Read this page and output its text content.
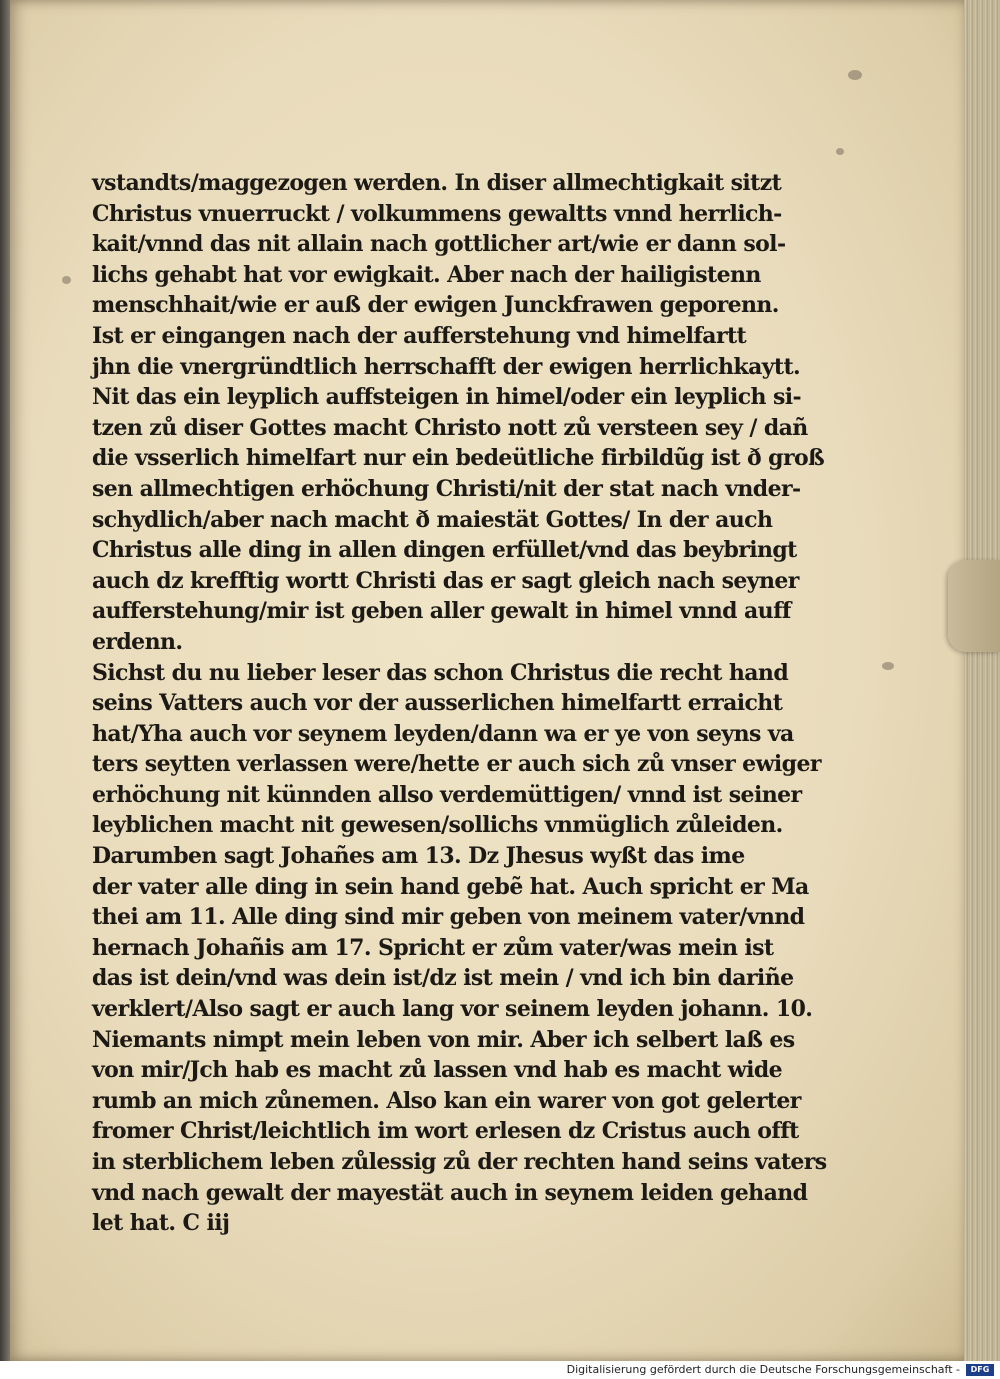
vstandts/maggezogen werden. In diser allmechtigkait sitzt
Christus vnuerruckt / volkummens gewaltts vnnd herrlich-
kait/vnnd das nit allain nach gottlicher art/wie er dann sol-
lichs gehabt hat vor ewigkait. Aber nach der hailigistenn
menschhait/wie er auß der ewigen Junckfrawen geporenn.
Ist er eingangen nach der aufferstehung vnd himelfartt
jhn die vnergründtlich herrschafft der ewigen herrlichkaytt.
Nit das ein leyplich auffsteigen in himel/oder ein leyplich si-
tzen zů diser Gottes macht Christo nott zů versteen sey / dañ
die vsserlich himelfart nur ein bedeütliche firbildũg ist ð groß
sen allmechtigen erhöchung Christi/nit der stat nach vnder-
schydlich/aber nach macht ð maiestät Gottes/ In der auch
Christus alle ding in allen dingen erfüllet/vnd das beybringt
auch dz krefftig wortt Christi das er sagt gleich nach seyner
aufferstehung/mir ist geben aller gewalt in himel vnnd auff
erdenn.
Sichst du nu lieber leser das schon Christus die recht hand
seins Vatters auch vor der ausserlichen himelfartt erraicht
hat/Yha auch vor seynem leyden/dann wa er ye von seyns va
ters seytten verlassen were/hette er auch sich zů vnser ewiger
erhöchung nit künnden allsо verdemüttigen/ vnnd ist seiner
leyblichen macht nit gewesen/sollichs vnmüglich zůleiden.
Darumben sagt Johañes am 13. Dz Jhesus wyßt das ime
der vater alle ding in sein hand gebẽ hat. Auch spricht er Ma
thei am 11. Alle ding sind mir geben von meinem vater/vnnd
hernach Johañis am 17. Spricht er zům vater/was mein ist
das ist dein/vnd was dein ist/dz ist mein / vnd ich bin dariñe
verklert/Also sagt er auch lang vor seinem leyden johann. 10.
Niemants nimpt mein leben von mir. Aber ich selbert laß es
von mir/Jch hab es macht zů lassen vnd hab es macht wide
rumb an mich zůnemen. Also kan ein warer von got gelerter
fromer Christ/leichtlich im wort erlesen dz Cristus auch offt
in sterblichem leben zůlessig zů der rechten hand seins vaters
vnd nach gewalt der mayestät auch in seynem leiden gehand
let hat. C iij
Digitalisierung gefördert durch die Deutsche Forschungsgemeinschaft -	DFG
